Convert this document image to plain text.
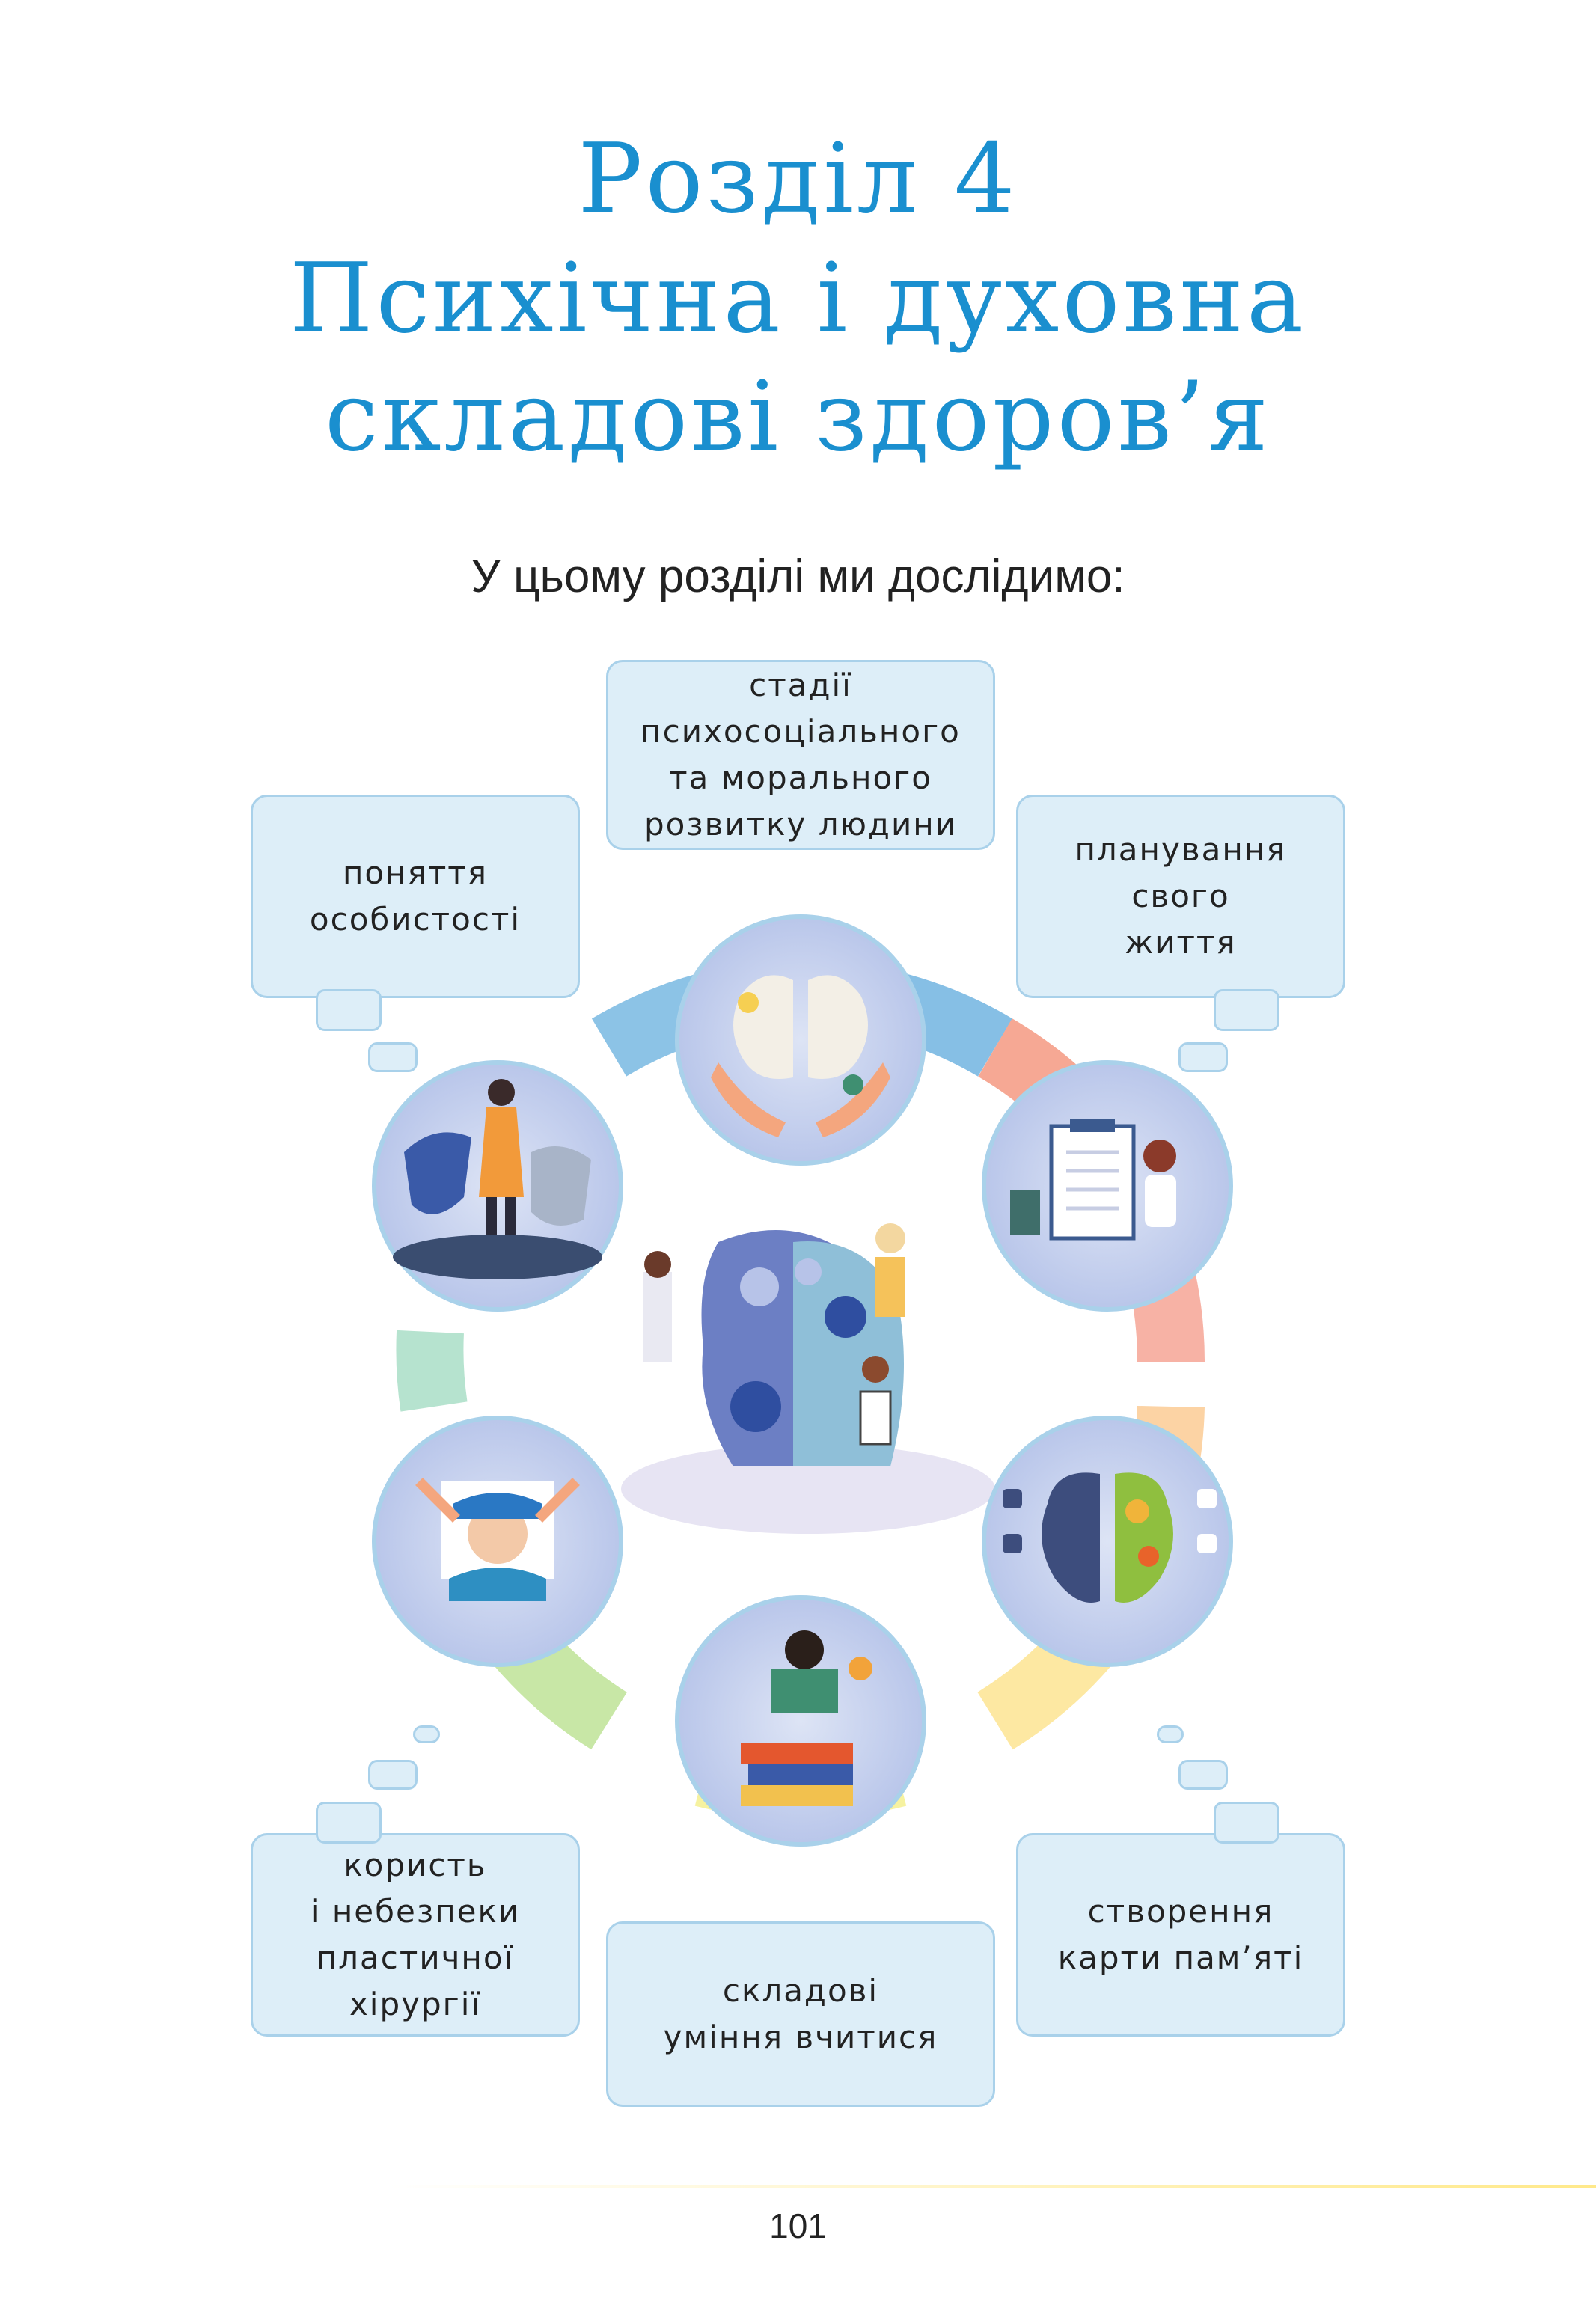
Розділ 4
Психічна і духовна
складові здоров’я
У цьому розділі ми дослідимо:
стадії
психосоціального
та морального
розвитку людини
поняття
особистості
планування свого
життя
користь
і небезпеки
пластичної
хірургії	складові
уміння вчитися
створення
карти пам’яті
101
